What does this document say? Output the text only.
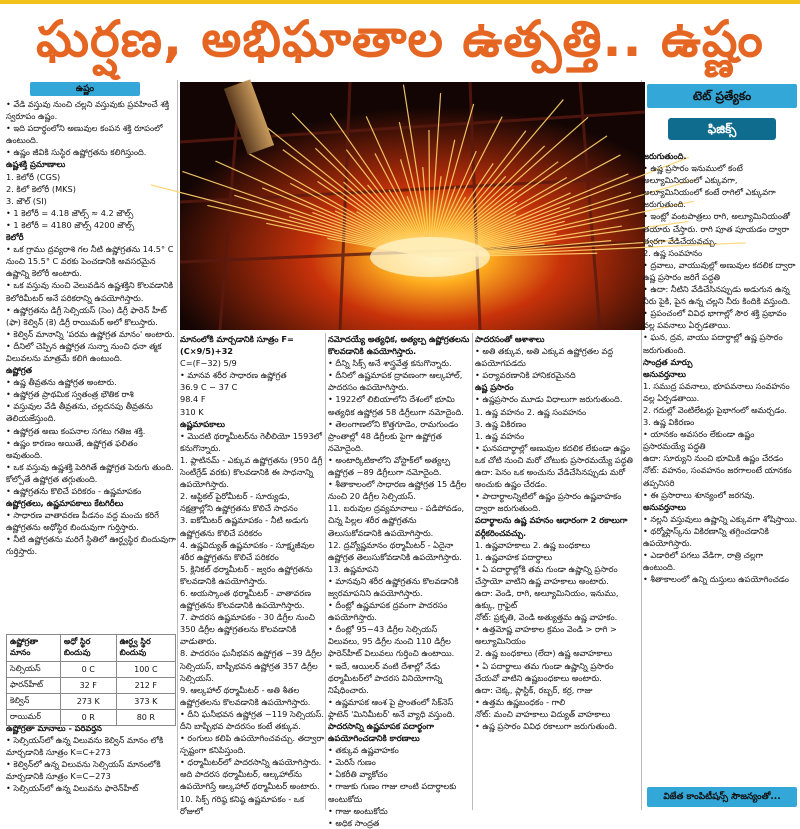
ఘర్షణ, అభిఘాతాల ఉత్పత్తి.. ఉష్ణం
ఉష్ణం

• వేడి వస్తువు నుంచి చల్లని వస్తువుకు ప్రవహించే శక్తి స్వరూపం ఉష్ణం.

• ఇది పదార్థంలోని అణువుల కంపన శక్తి రూపంలో ఉంటుంది.

• ఉష్ణం జీవికి సుస్థిర ఉష్ణోగ్రతను కలిగిస్తుంది.

ఉష్ణశక్తి ప్రమాణాలు

1. కెలోరీ (CGS)

2. కిలో కెలోరీ (MKS)

3. జౌల్ (SI)

• 1 కెలోరీ = 4.18 జౌల్స్ ≈ 4.2 జౌల్స్

• 1 కెలోరీ = 4180 జౌల్స్ 4200 జౌల్స్

కెలోరీ

• ఒక గ్రాము ద్రవ్యరాశి గల నీటి ఉష్ణోగ్రతను 14.5° C నుంచి 15.5° C వరకు పెంచడానికి అవసరమైన ఉష్ణాన్ని కెలోరీ అంటారు.

• ఒక వస్తువు నుంచి వెలువడిన ఉష్ణశక్తిని కొలవడానికి కెలోరిమీటర్ అనే పరికరాన్ని ఉపయోగిస్తారు.

• ఉష్ణోగ్రతను డిగ్రీ సెల్సియస్ (సెం) డిగ్రీ ఫారెన్ హీట్ (ఫా) కెల్విన్ (కె) డిగ్రీ రాయిమర్ అలో కొలుస్తారు.

• కెల్విన్ మానాన్ని 'పరమ ఉష్ణోగ్రత మానం' అంటారు.

• దీనిలో చెప్పిన ఉష్ణోగ్రత సున్నా నుంచి ధనా త్మక విలువలను మాత్రమే కలిగి ఉంటుంది.

ఉష్ణోగ్రత

• ఉష్ణ తీవ్రతను ఉష్ణోగ్రత అంటారు.

• ఉష్ణోగ్రత ప్రాథమిక స్వతంత్ర భౌతిక రాశి

• వస్తువుల వేడి తీవ్రతను, చల్లదనపు తీవ్రతను తెలియజేస్తుంది.

• ఉష్ణోగ్రత అణు కంపనాల సగటు గతిజ శక్తి.

• ఉష్ణం కారణం అయితే, ఉష్ణోగ్రత ఫలితం అవుతుంది.

• ఒక వస్తువు ఉష్ణశక్తి పెరిగితే ఉష్ణోగ్రత పెరుగు తుంది. కోల్పోతే ఉష్ణోగ్రత తగ్గుతుంది.

• ఉష్ణోగ్రతను కొలిచే పరికరం - ఉష్ణమాపకం

ఉష్ణోగ్రతలు, ఉష్ణమాపకాలు కేటగిరీలు

• సాధారణ వాతావరణ పీడనం వద్ద మంచు కరిగే ఉష్ణోగ్రతను అధోస్థిర బిందువుగా గుర్తిస్తారు.

• నీటి ఉష్ణోగ్రతను మరిగే స్థితిలో ఊర్ధ్వస్థిర బిందువుగా గుర్తిస్తారు.

ఉష్ణోగ్రతా మానం	అధో స్థిర బిందువు	ఊర్ధ్వ స్థిర బిందువు
సెల్సియస్	0 C	100 C
ఫారన్‌హీట్	32 F	212 F
కెల్విన్	273 K	373 K
రాయిమర్	0 R	80 R

ఉష్ణోగ్రతా మానాలు - పరివర్తన

• సెల్సియస్‌లో ఉన్న విలువను కెల్విన్ మానం లోకి మార్చడానికి సూత్రం K=C+273

• కెల్విన్‌లో ఉన్న విలువను సెల్సియస్ మానంలోకి మార్చడానికి సూత్రం K=C−273

• సెల్సియస్‌లో ఉన్న విలువను ఫారెన్‌హీట్

టెట్ ప్రత్యేకం
ఫిజిక్స్

మానంలోకి మార్చడానికి సూత్రం F=(C×9/5)+32

C=(F−32) 5/9

• మానవ శరీర సాధారణ ఉష్ణోగ్రత

36.9 C − 37 C

98.4 F

310 K

ఉష్ణమాపకాలు

• మొదటి థర్మామీటర్‌ను గెలీలియో 1593లో కనుగొన్నారు.

1. ప్లాటినమ్ - ఎక్కువ ఉష్ణోగ్రతను (950 డిగ్రీ సెంటీగ్రేడ్ వరకు) కొలవడానికి ఈ సాధనాన్ని ఉపయోగిస్తారు.

2. ఆప్టికల్ పైరోమీటర్ - సూర్యుడు, నక్షత్రాల్లోని ఉష్ణోగ్రతను కొలిచే సాధనం

3. ఐకోమీటర్ ఉష్ణమాపకం - నీటి అడుగు ఉష్ణోగ్రతను కొలిచే పరికరం

4. ఉష్ణవిద్యుత్ ఉష్ణమాపకం - సూక్ష్మజీవుల శరీర ఉష్ణోగ్రతను కొలిచే పరికరం

5. క్లినికల్ థర్మామీటర్ - జ్వరం ఉష్ణోగ్రతను కొలవడానికి ఉపయోగిస్తారు.

6. అయస్కాంత థర్మామీటర్ - వాతావరణ ఉష్ణోగ్రతను కొలవడానికి ఉపయోగిస్తారు.

7. పాదరస ఉష్ణమాపకం - 30 డిగ్రీల నుంచి 350 డిగ్రీల ఉష్ణోగ్రతలను కొలవడానికి వాడుతారు.

8. పాదరసం ఘనీభవన ఉష్ణోగ్రత −39 డిగ్రీల సెల్సియస్, బాష్పీభవన ఉష్ణోగ్రత 357 డిగ్రీల సెల్సియస్.

9. ఆల్కహాల్ థర్మామీటర్ - అతి శీతల ఉష్ణోగ్రతలను కొలవడానికి ఉపయోగిస్తారు.

• దీని ఘనీభవన ఉష్ణోగ్రత −119 సెల్సియస్. దీని బాష్పీభవ పాదరసం కంటే తక్కువ.

• రంగులు కలిపి ఉపయోగించవచ్చు. తద్వారా స్పష్టంగా కనిపిస్తుంది.

• ధర్మామీటర్‌లో పాదరసాన్ని ఉపయోగిస్తారు. అది పాదరస థర్మామీటర్, ఆల్కహాల్‌ను ఉపయోగిస్తే ఆల్కహాల్ థర్మామీటర్ అంటారు.

10. సిక్స్ గరిష్ఠ కనిష్ఠ ఉష్ణమాపకం - ఒక రోజులో

నమోదయ్యే అత్యధిక, అత్యల్ప ఉష్ణోగ్రతలను కొలవడానికి ఉపయోగిస్తారు.

• దీన్ని సిక్స్ అనే శాస్త్రవేత్త కనుగొన్నారు.

• దీనిలో ఉష్ణమాపక ద్రావణంగా ఆల్కహాల్, పాదరసం ఉపయోగిస్తారు.

• 1922లో లిబియాలోని దేశంలో భూమి అత్యధిక ఉష్ణోగ్రత 58 డిగ్రీలుగా నమోదైంది.

• తెలంగాణలోని కొత్తగూడెం, రామగుండం ప్రాంతాల్లో 48 డిగ్రీలకు పైగా ఉష్ణోగ్రత నమోదైంది.

• అంటార్కిటికాలోని వోస్టాక్‌లో అత్యల్ప ఉష్ణోగ్రత −89 డిగ్రీలుగా నమోదైంది.

• శీతాకాలంలో సాధారణ ఉష్ణోగ్రత 15 డిగ్రీల నుంచి 20 డిగ్రీల సెల్సియస్.

11. బరువుల ద్రవ్యమానాలు - పడిపోవడం, చిన్న పిల్లల శరీర ఉష్ణోగ్రతను తెలుసుకోవడానికి ఉపయోగిస్తారు.

12. ద్రవ్యోష్ణమానం థర్మామీటర్ - ఏదైనా ఉష్ణోగ్రత తెలుసుకోవడానికి ఉపయోగిస్తారు.

13. ఉష్ణమాపని

• మానవుని శరీర ఉష్ణోగ్రతను కొలవడానికి జ్వరమాపనిని ఉపయోగిస్తారు.

• దీంట్లో ఉష్ణమాపక ద్రవంగా పాదరసం ఉపయోగిస్తారు.

• దీంట్లో 95−43 డిగ్రీల సెల్సియస్ విలువలు, 95 డిగ్రీల నుంచి 110 డిగ్రీల ఫారెన్‌హీట్ విలువలు గుర్తించి ఉంటాయి.

• ఇదే, ఆయిలర్ వంటి దేశాల్లో నేడు థర్మామీటర్‌లో పాదరస వినియోగాన్ని నిషేధించారు.

• ఉష్ణమాపక ఆంశ పై ప్రాంతంలో సిక్‌నెస్ ఫ్లాటెన్ 'మినిమీటర్' అనే వ్యాధి వస్తుంది.

పాదరసాన్ని ఉష్ణమాపక పదార్థంగా ఉపయోగించడానికి కారణాలు

• తక్కువ ఉష్ణవాహకం

• మెరిసే గుణం

• ఏకరీతి వ్యాకోచం

• గాజుకు గుణం గాజు లాంటి పదార్థాలకు అంటుకోదు

• గాజు అంటుకోదు

• అధిక సాంద్రత

పాదరసంతో ఆశాశాలు

• అతి తక్కువ, అతి ఎక్కువ ఉష్ణోగ్రతల వద్ద ఉపయోగపడదు

• పర్యావరణానికి హానికరమైనది

ఉష్ణ ప్రసారం

• ఉష్ణప్రసారం మూడు విధాలుగా జరుగుతుంది.

1. ఉష్ణ వహనం 2. ఉష్ణ సంవహనం

3. ఉష్ణ వికిరణం

1. ఉష్ణ వహనం

• ఘనపదార్థాల్లో అణువుల కదలిక లేకుండా ఉష్ణం ఒక చోటి నుంచి మరో చోటుకు ప్రసారమయ్యే పద్ధతి

ఉదా: పెనం ఒక అంచును వేడిచేసినప్పుడు మరో అంచుకు ఉష్ణం చేరడం.

• పాదార్థాలన్నిటిలో ఉష్ణం ప్రసారం ఉష్ణవాహకం ద్వారా జరుగుతుంది.

పదార్థాలను ఉష్ణ వహనం ఆధారంగా 2 రకాలుగా వర్గీకరించవచ్చు.

1. ఉష్ణవాహకాలు 2. ఉష్ణ బంధకాలు

1. ఉష్ణవాహక పదార్థాలు

• ఏ పదార్థాల్లోకి తమ గుండా ఉష్ణాన్ని ప్రసారం చేస్తాయో వాటిని ఉష్ణ వాహకాలు అంటారు.

ఉదా: వెండి, రాగి, అల్యూమినియం, ఇనుము, ఉక్కు, గ్రాఫైట్

నోట్: ప్రకృతి, వెండి అత్యుత్తమ ఉష్ణ వాహకం.

• ఉత్తమోష్ణ వాహకాల క్రమం వెండి > రాగి > అల్యూమినియం

2. ఉష్ణ బంధకాలు (లేదా) ఉష్ణ అవాహకాలు

• ఏ పదార్థాలు తమ గుండా ఉష్ణాన్ని ప్రసారం చేయవో వాటిని ఉష్ణబంధకాలు అంటారు.

ఉదా: చెక్క, ప్లాస్టిక్, రబ్బర్, కర్ర, గాజు

• ఉత్తమ ఉష్ణబంధకం - గాలి

నోట్: మంచి వాహకాలు విద్యుత్ వాహకాలు

• ఉష్ణ ప్రసారం వివిధ రకాలుగా జరుగుతుంది.

జరుగుతుంది.

• ఉష్ణ ప్రసారం ఇనుములో కంటే అల్యూమినియంలో ఎక్కువగా, అల్యూమినియంలో కంటే రాగిలో ఎక్కువగా జరుగుతుంది.

• ఇంట్లో వంటపాత్రలు రాగి, అల్యూమినియంతో తయారు చేస్తారు. రాగి పూత పూయడం ద్వారా త్వరగా వేడిచేయవచ్చు.

2. ఉష్ణ సంవహనం

• ద్రవాలు, వాయువుల్లో అణువుల కదలిక ద్వారా ఉష్ణ ప్రసారం జరిగే పద్ధతి

• ఉదా: నీటిని వేడిచేసినప్పుడు అడుగున ఉన్న నీరు పైకి, పైన ఉన్న చల్లని నీరు కిందికి వస్తుంది.

• ప్రపంచంలో వివిధ భాగాల్లో సౌర శక్తి ప్రభావం వల్ల పవనాలు ఏర్పడతాయి.

• ఘన, ద్రవ, వాయు పదార్థాల్లో ఉష్ణ ప్రసారం జరుగుతుంది.

సాంద్రత మార్పు

అనువర్తనాలు

1. సముద్ర పవనాలు, భూపవనాలు సంవహనం వల్ల ఏర్పడతాయి.

2. గదుల్లో వెంటిలేటర్లు పైభాగంలో అమర్చడం.

3. ఉష్ణ వికిరణం

• యానకం అవసరం లేకుండా ఉష్ణం ప్రసారమయ్యే పద్ధతి

ఉదా: సూర్యుని నుంచి భూమికి ఉష్ణం చేరడం

నోట్: వహనం, సంవహనం జరగాలంటే యానకం తప్పనిసరి

• ఈ ప్రసారాలు శూన్యంలో జరగవు.

అనువర్తనాలు

• నల్లని వస్తువులు ఉష్ణాన్ని ఎక్కువగా శోషిస్తాయి.

• థర్మోఫ్లాస్క్‌ను వికిరణాన్ని తగ్గించడానికి ఉపయోగిస్తారు.

• ఎడారిలో పగలు వేడిగా, రాత్రి చల్లగా ఉంటుంది.

• శీతాకాలంలో ఉన్ని దుస్తులు ఉపయోగించడం

విజేత కాంపిటీషన్స్ సౌజన్యంతో...
